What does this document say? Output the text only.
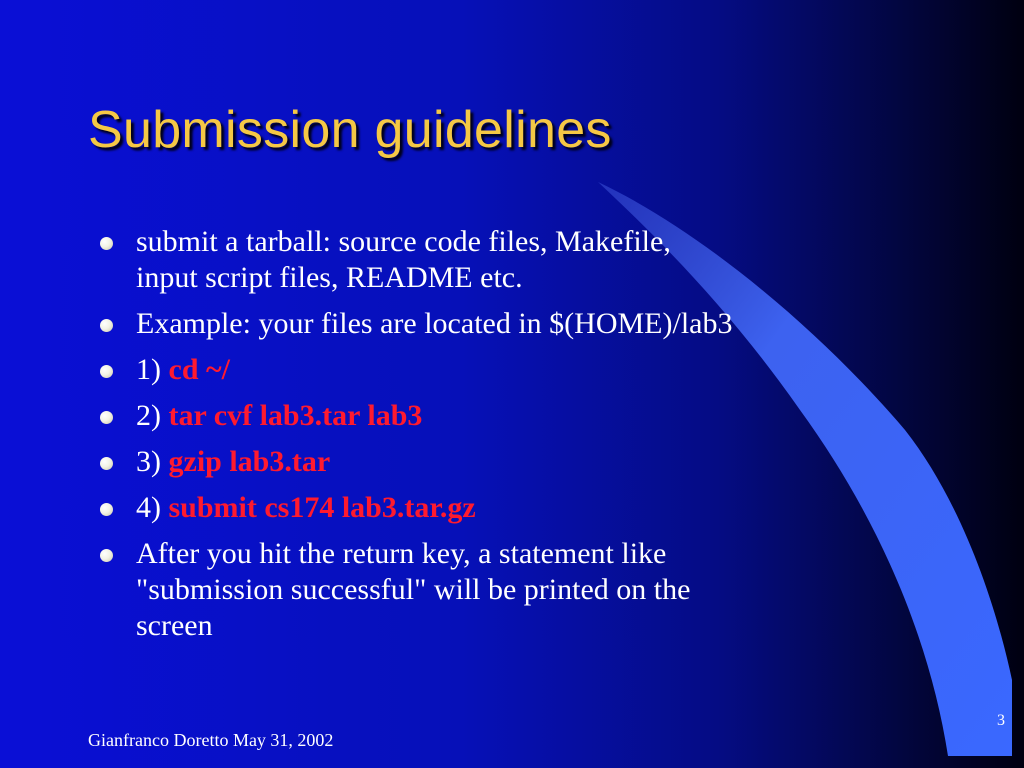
Submission guidelines
submit a tarball: source code files, Makefile,
input script files, README etc.
Example: your files are located in $(HOME)/lab3
1) cd ~/
2) tar cvf lab3.tar lab3
3) gzip lab3.tar
4) submit cs174 lab3.tar.gz
After you hit the return key, a statement like
"submission successful" will be printed on the
screen
Gianfranco Doretto May 31, 2002
3
